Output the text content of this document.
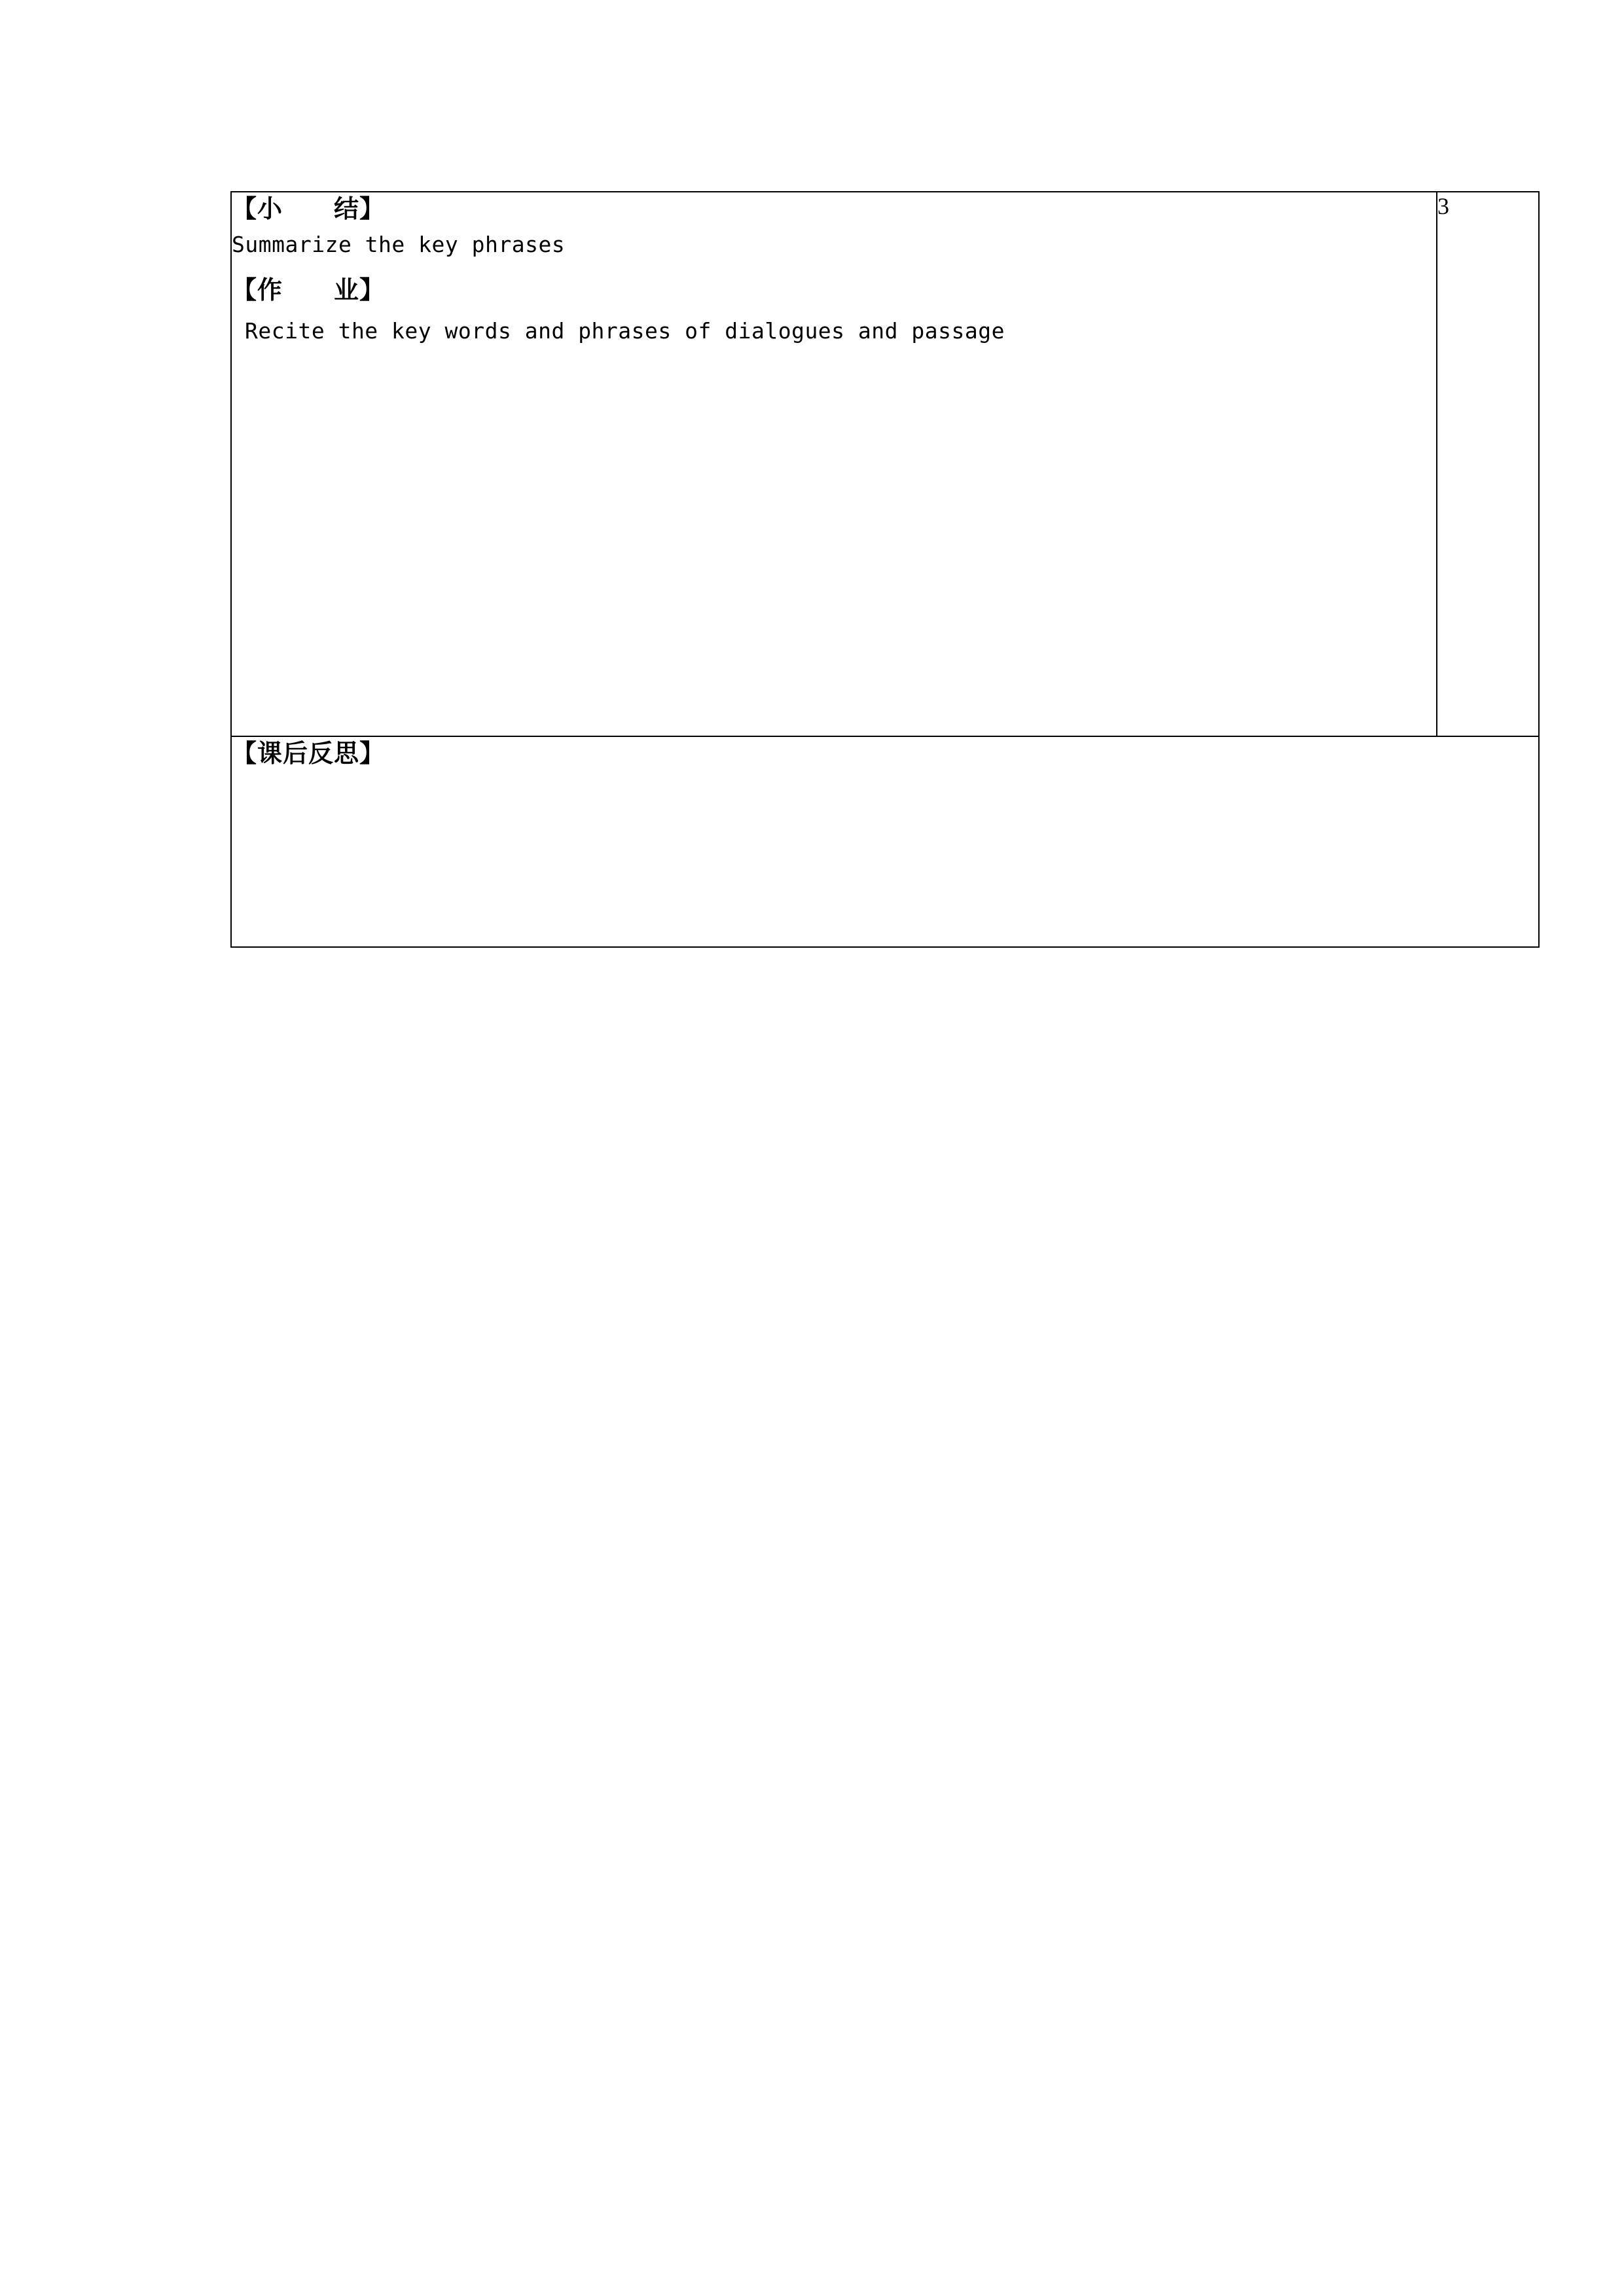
【小　　结】

Summarize the key phrases

【作　　业】

Recite the key words and phrases of dialogues and passage

	3

【课后反思】
